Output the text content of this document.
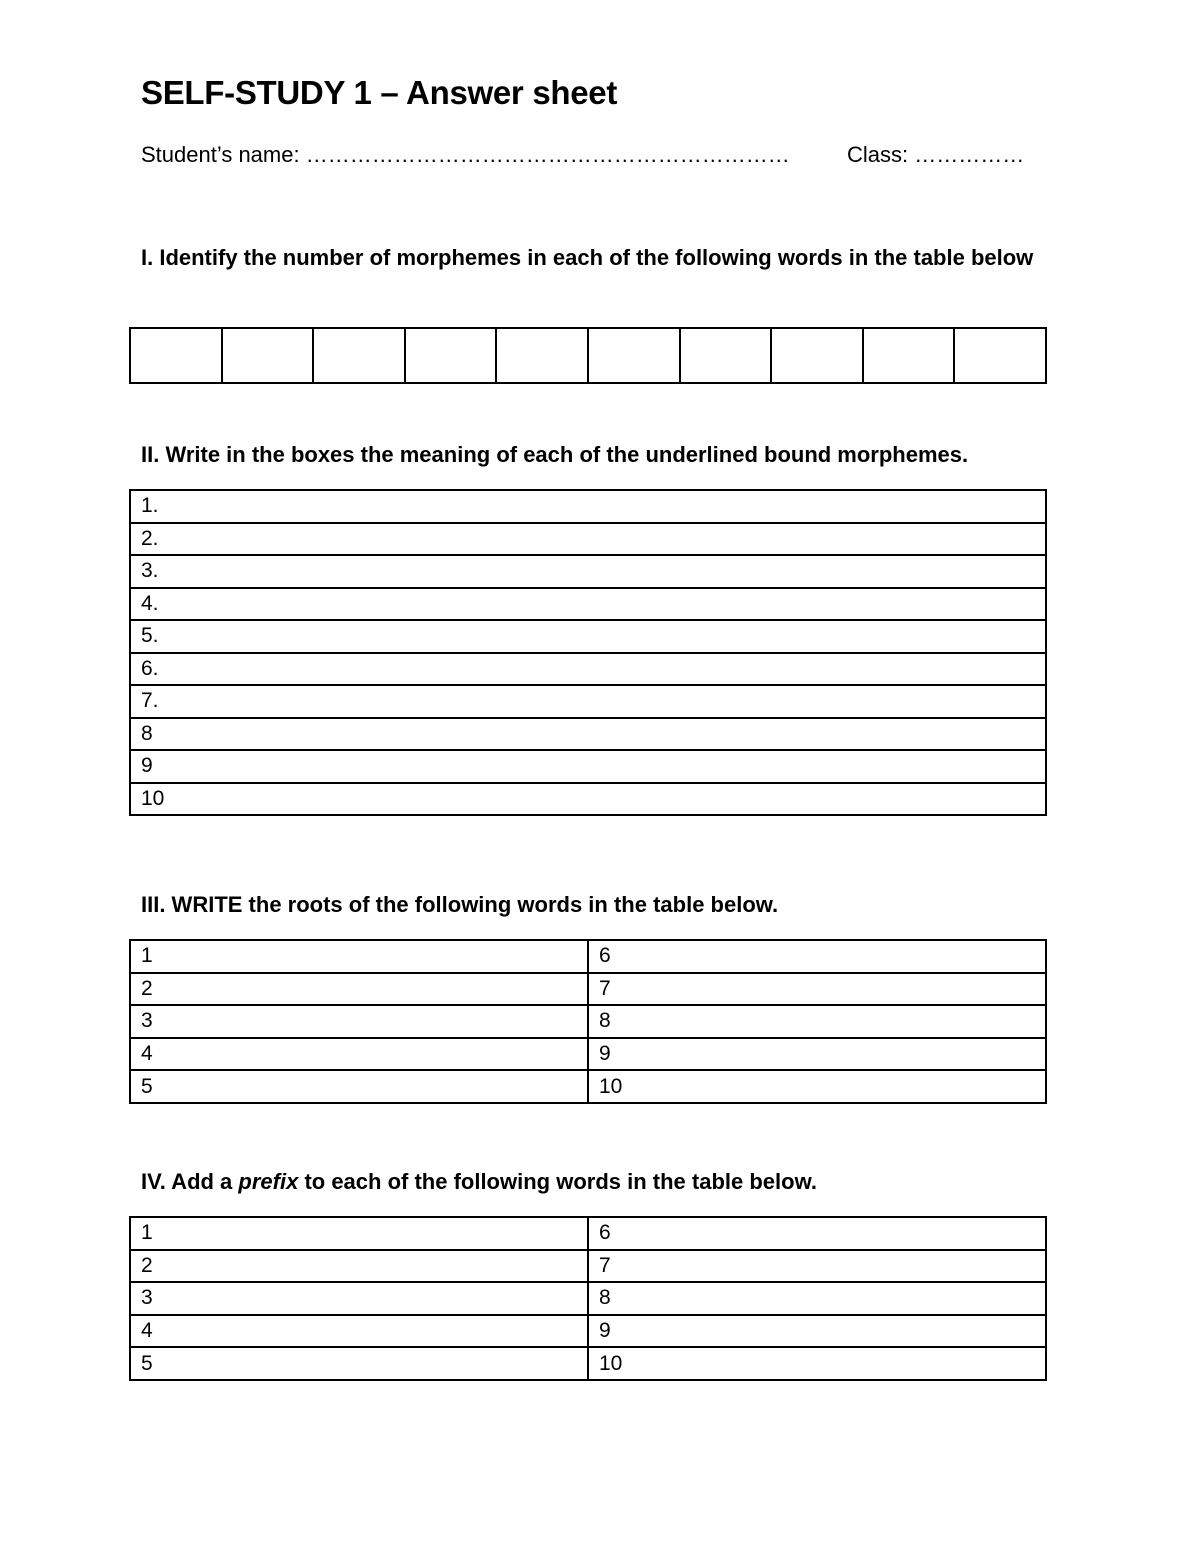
SELF-STUDY 1 – Answer sheet
Student’s name: …………………………………………………………	Class: ……………
I. Identify the number of morphemes in each of the following words in the table below

II. Write in the boxes the meaning of each of the underlined bound morphemes.
1.
2.
3.
4.
5.
6.
7.
8
9
10
III. WRITE the roots of the following words in the table below.
1	6
2	7
3	8
4	9
5	10
IV. Add a prefix to each of the following words in the table below.
1	6
2	7
3	8
4	9
5	10
